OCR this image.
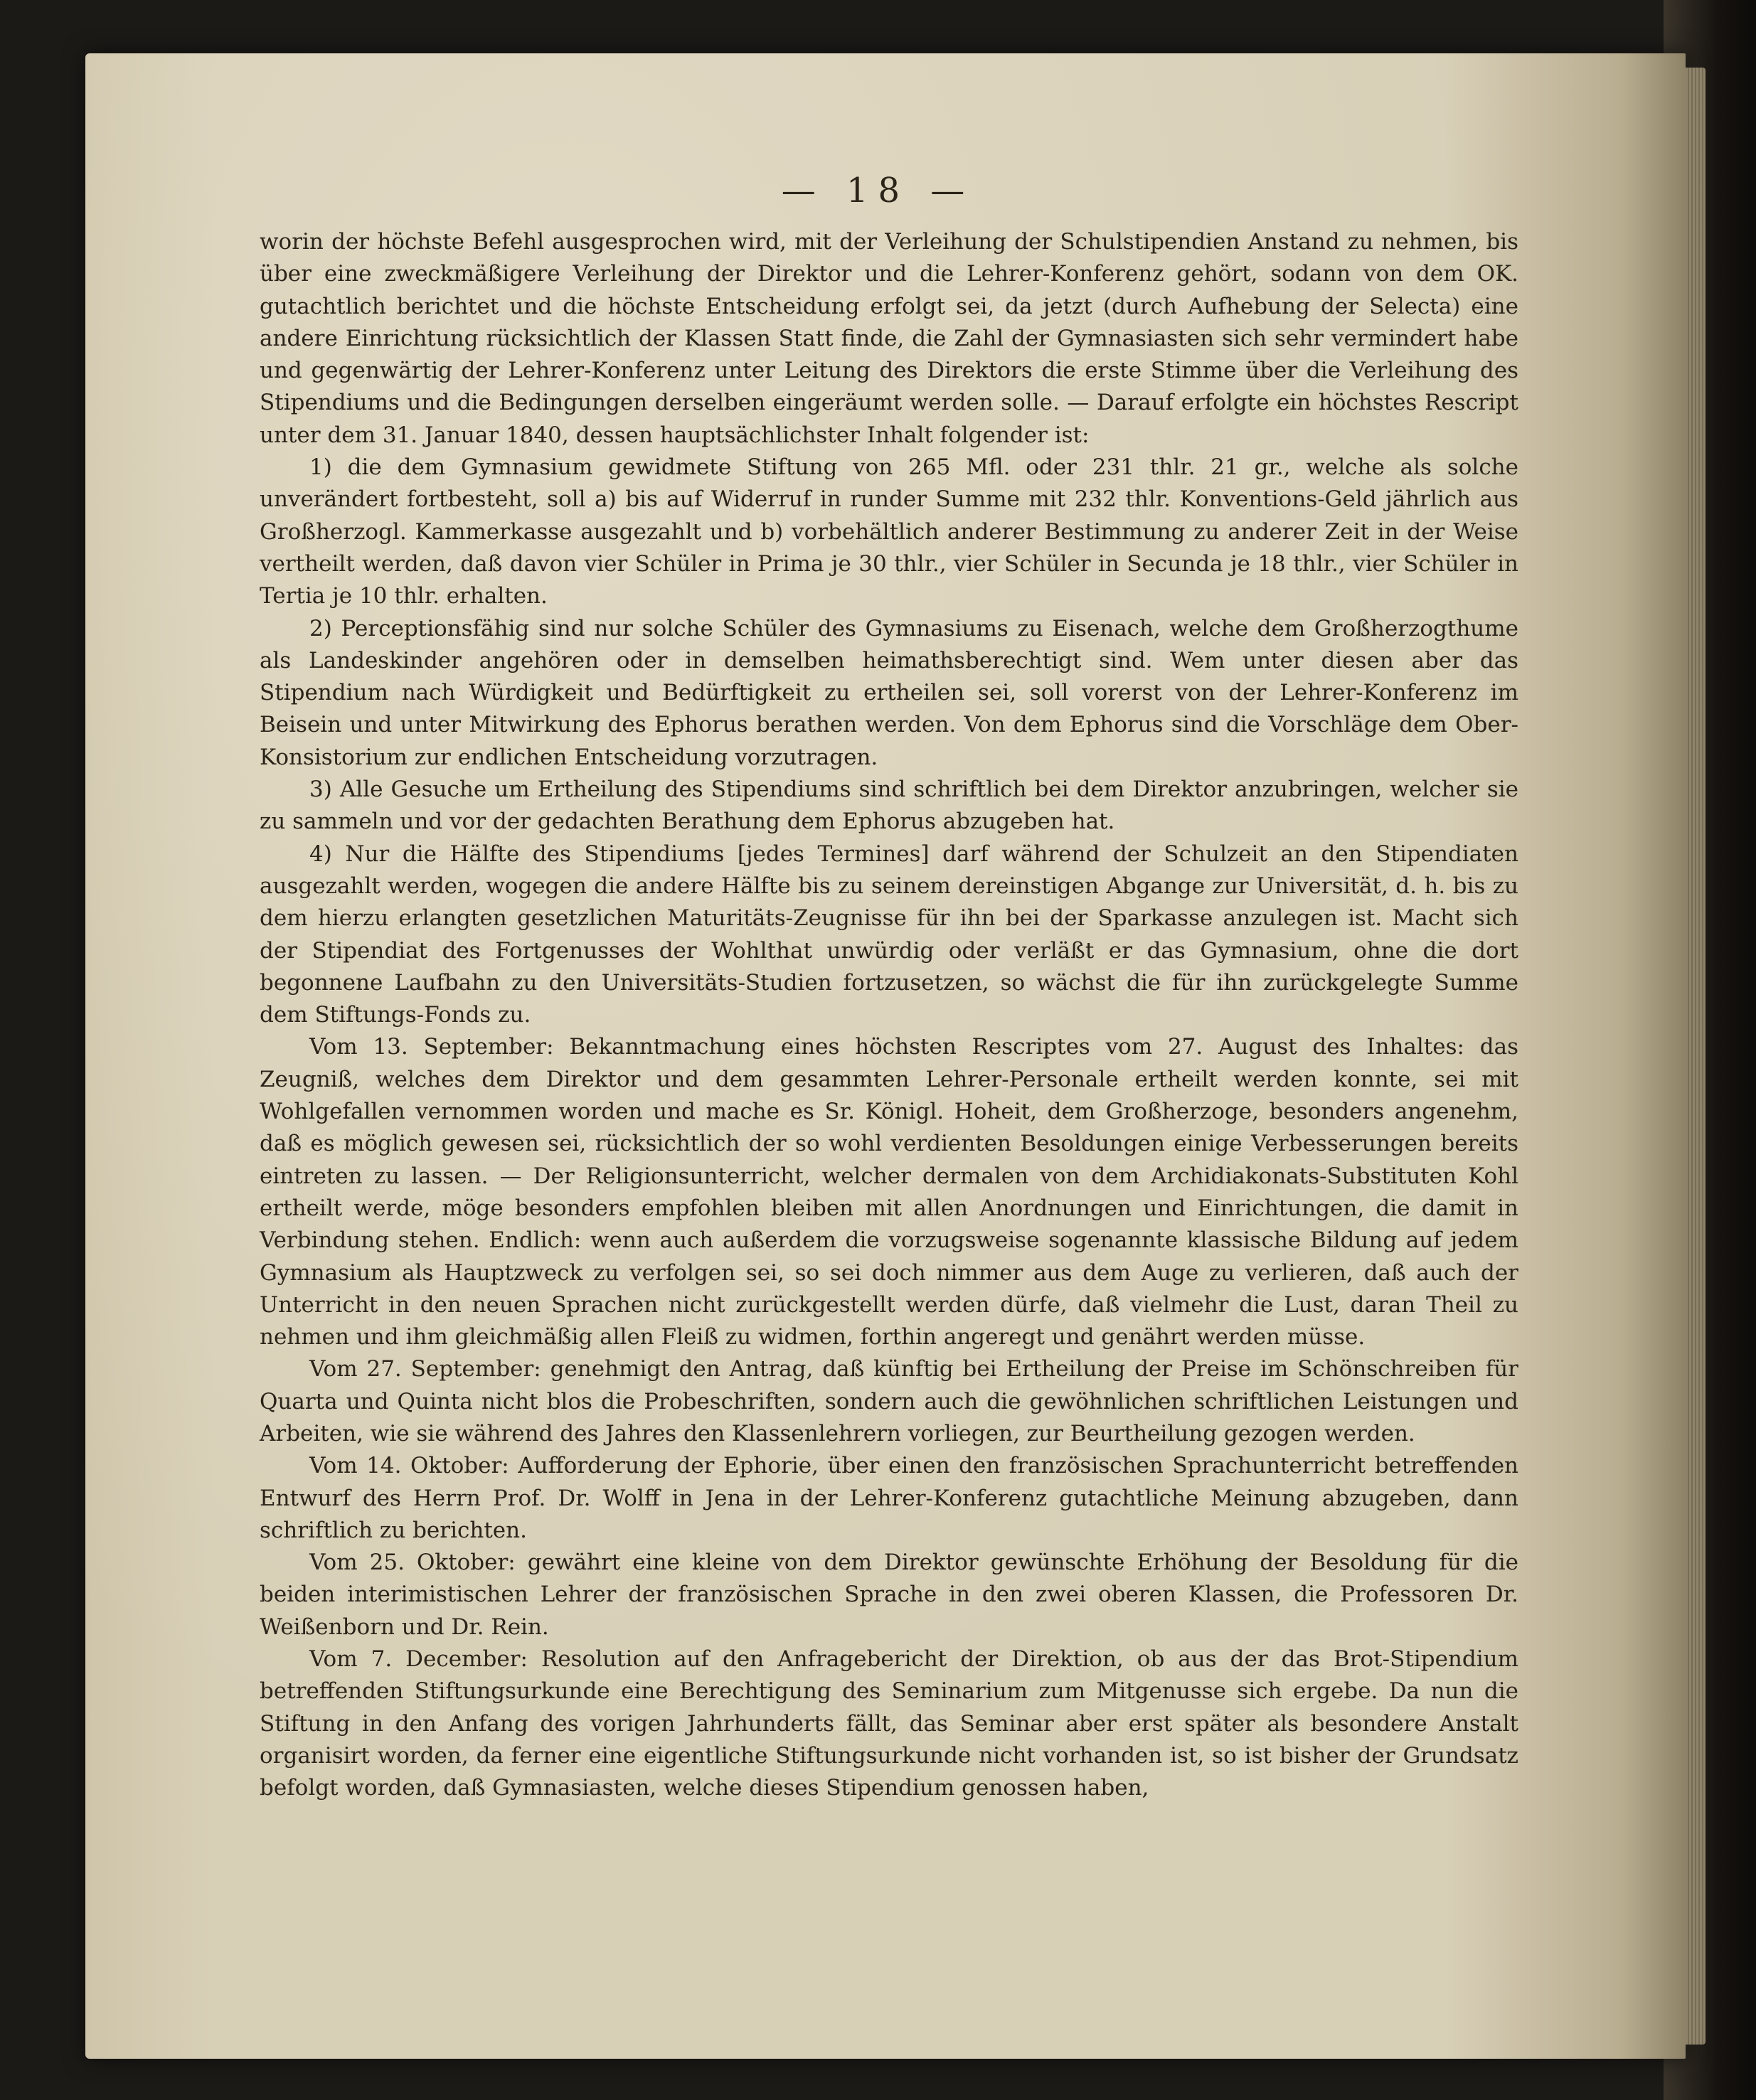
— 18 —

worin der höchste Befehl ausgesprochen wird, mit der Verleihung der Schulstipendien Anstand zu nehmen, bis über eine zweckmäßigere Verleihung der Direktor und die Lehrer-Konferenz gehört, sodann von dem OK. gutachtlich berichtet und die höchste Entscheidung erfolgt sei, da jetzt (durch Aufhebung der Selecta) eine andere Einrichtung rücksichtlich der Klassen Statt finde, die Zahl der Gymnasiasten sich sehr vermindert habe und gegenwärtig der Lehrer-Konferenz unter Leitung des Direktors die erste Stimme über die Verleihung des Stipendiums und die Bedingungen derselben eingeräumt werden solle. — Darauf erfolgte ein höchstes Rescript unter dem 31. Januar 1840, dessen hauptsächlichster Inhalt folgender ist:

1) die dem Gymnasium gewidmete Stiftung von 265 Mfl. oder 231 thlr. 21 gr., welche als solche unverändert fortbesteht, soll a) bis auf Widerruf in runder Summe mit 232 thlr. Konventions-Geld jährlich aus Großherzogl. Kammerkasse ausgezahlt und b) vorbehältlich anderer Bestimmung zu anderer Zeit in der Weise vertheilt werden, daß davon vier Schüler in Prima je 30 thlr., vier Schüler in Secunda je 18 thlr., vier Schüler in Tertia je 10 thlr. erhalten.

2) Perceptionsfähig sind nur solche Schüler des Gymnasiums zu Eisenach, welche dem Großherzogthume als Landeskinder angehören oder in demselben heimathsberechtigt sind. Wem unter diesen aber das Stipendium nach Würdigkeit und Bedürftigkeit zu ertheilen sei, soll vorerst von der Lehrer-Konferenz im Beisein und unter Mitwirkung des Ephorus berathen werden. Von dem Ephorus sind die Vorschläge dem Ober-Konsistorium zur endlichen Entscheidung vorzutragen.

3) Alle Gesuche um Ertheilung des Stipendiums sind schriftlich bei dem Direktor anzubringen, welcher sie zu sammeln und vor der gedachten Berathung dem Ephorus abzugeben hat.

4) Nur die Hälfte des Stipendiums [jedes Termines] darf während der Schulzeit an den Stipendiaten ausgezahlt werden, wogegen die andere Hälfte bis zu seinem dereinstigen Abgange zur Universität, d. h. bis zu dem hierzu erlangten gesetzlichen Maturitäts-Zeugnisse für ihn bei der Sparkasse anzulegen ist. Macht sich der Stipendiat des Fortgenusses der Wohlthat unwürdig oder verläßt er das Gymnasium, ohne die dort begonnene Laufbahn zu den Universitäts-Studien fortzusetzen, so wächst die für ihn zurückgelegte Summe dem Stiftungs-Fonds zu.

Vom 13. September: Bekanntmachung eines höchsten Rescriptes vom 27. August des Inhaltes: das Zeugniß, welches dem Direktor und dem gesammten Lehrer-Personale ertheilt werden konnte, sei mit Wohlgefallen vernommen worden und mache es Sr. Königl. Hoheit, dem Großherzoge, besonders angenehm, daß es möglich gewesen sei, rücksichtlich der so wohl verdienten Besoldungen einige Verbesserungen bereits eintreten zu lassen. — Der Religionsunterricht, welcher dermalen von dem Archidiakonats-Substituten Kohl ertheilt werde, möge besonders empfohlen bleiben mit allen Anordnungen und Einrichtungen, die damit in Verbindung stehen. Endlich: wenn auch außerdem die vorzugsweise sogenannte klassische Bildung auf jedem Gymnasium als Hauptzweck zu verfolgen sei, so sei doch nimmer aus dem Auge zu verlieren, daß auch der Unterricht in den neuen Sprachen nicht zurückgestellt werden dürfe, daß vielmehr die Lust, daran Theil zu nehmen und ihm gleichmäßig allen Fleiß zu widmen, forthin angeregt und genährt werden müsse.

Vom 27. September: genehmigt den Antrag, daß künftig bei Ertheilung der Preise im Schönschreiben für Quarta und Quinta nicht blos die Probeschriften, sondern auch die gewöhnlichen schriftlichen Leistungen und Arbeiten, wie sie während des Jahres den Klassenlehrern vorliegen, zur Beurtheilung gezogen werden.

Vom 14. Oktober: Aufforderung der Ephorie, über einen den französischen Sprachunterricht betreffenden Entwurf des Herrn Prof. Dr. Wolff in Jena in der Lehrer-Konferenz gutachtliche Meinung abzugeben, dann schriftlich zu berichten.

Vom 25. Oktober: gewährt eine kleine von dem Direktor gewünschte Erhöhung der Besoldung für die beiden interimistischen Lehrer der französischen Sprache in den zwei oberen Klassen, die Professoren Dr. Weißenborn und Dr. Rein.

Vom 7. December: Resolution auf den Anfragebericht der Direktion, ob aus der das Brot-Stipendium betreffenden Stiftungsurkunde eine Berechtigung des Seminarium zum Mitgenusse sich ergebe. Da nun die Stiftung in den Anfang des vorigen Jahrhunderts fällt, das Seminar aber erst später als besondere Anstalt organisirt worden, da ferner eine eigentliche Stiftungsurkunde nicht vorhanden ist, so ist bisher der Grundsatz befolgt worden, daß Gymnasiasten, welche dieses Stipendium genossen haben,
